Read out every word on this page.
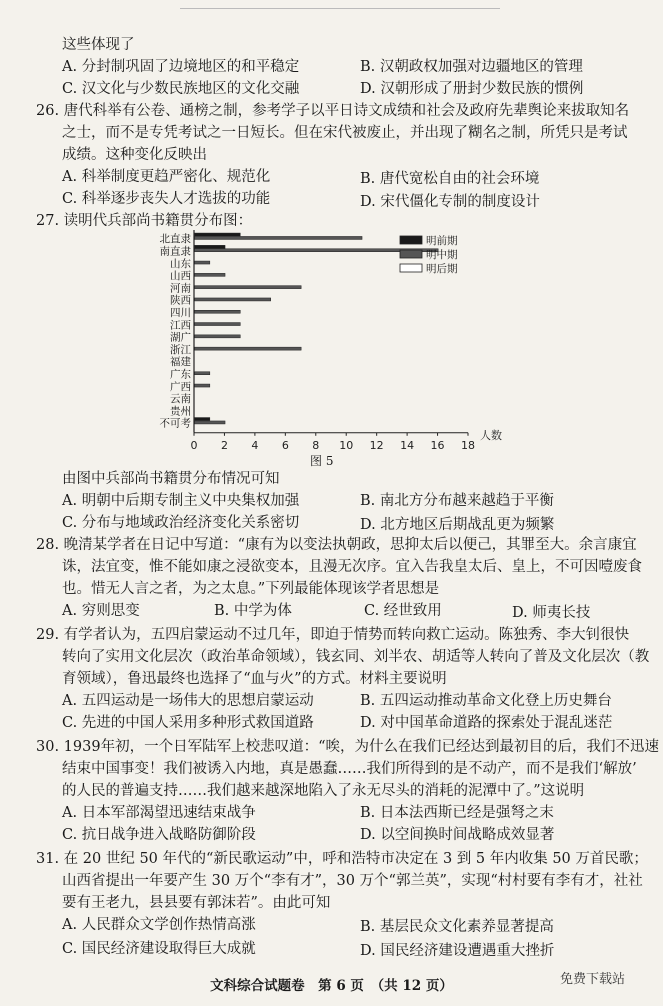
这些体现了
A. 分封制巩固了边境地区的和平稳定	B. 汉朝政权加强对边疆地区的管理
C. 汉文化与少数民族地区的文化交融	D. 汉朝形成了册封少数民族的惯例
26. 唐代科举有公卷、通榜之制，参考学子以平日诗文成绩和社会及政府先辈舆论来拔取知名
之士，而不是专凭考试之一日短长。但在宋代被废止，并出现了糊名之制，所凭只是考试
成绩。这种变化反映出
A. 科举制度更趋严密化、规范化	B. 唐代宽松自由的社会环境
C. 科举逐步丧失人才选拔的功能	D. 宋代僵化专制的制度设计
27. 读明代兵部尚书籍贯分布图：
0 2 4 6 8 10 12 14 16 18
人数
北直隶
南直隶
山东
山西
河南
陕西
四川
江西
湖广
浙江
福建
广东
广西
云南
贵州
不可考
明前期
明中期
明后期
图 5
由图中兵部尚书籍贯分布情况可知
A. 明朝中后期专制主义中央集权加强	B. 南北方分布越来越趋于平衡
C. 分布与地域政治经济变化关系密切	D. 北方地区后期战乱更为频繁
28. 晚清某学者在日记中写道：“康有为以变法执朝政，思抑太后以便己，其罪至大。余言康宜
诛，法宜变，惟不能如康之浸欲变本，且漫无次序。宜入告我皇太后、皇上，不可因噎废食
也。惜无人言之者，为之太息。”下列最能体现该学者思想是
A. 穷则思变	B. 中学为体	C. 经世致用	D. 师夷长技
29. 有学者认为，五四启蒙运动不过几年，即迫于情势而转向救亡运动。陈独秀、李大钊很快
转向了实用文化层次（政治革命领域），钱玄同、刘半农、胡适等人转向了普及文化层次（教
育领域），鲁迅最终也选择了“血与火”的方式。材料主要说明
A. 五四运动是一场伟大的思想启蒙运动	B. 五四运动推动革命文化登上历史舞台
C. 先进的中国人采用多种形式救国道路	D. 对中国革命道路的探索处于混乱迷茫
30. 1939年初，一个日军陆军上校悲叹道：“唉，为什么在我们已经达到最初目的后，我们不迅速
结束中国事变！我们被诱入内地，真是愚蠢……我们所得到的是不动产，而不是我们‘解放’
的人民的普遍支持……我们越来越深地陷入了永无尽头的消耗的泥潭中了。”这说明
A. 日本军部渴望迅速结束战争	B. 日本法西斯已经是强弩之末
C. 抗日战争进入战略防御阶段	D. 以空间换时间战略成效显著
31. 在 20 世纪 50 年代的“新民歌运动”中，呼和浩特市决定在 3 到 5 年内收集 50 万首民歌；
山西省提出一年要产生 30 万个“李有才”，30 万个“郭兰英”，实现“村村要有李有才，社社
要有王老九，县县要有郭沫若”。由此可知
A. 人民群众文学创作热情高涨	B. 基层民众文化素养显著提高
C. 国民经济建设取得巨大成就	D. 国民经济建设遭遇重大挫折
文科综合试题卷　第 6 页　（共 12 页）	免费下载站
